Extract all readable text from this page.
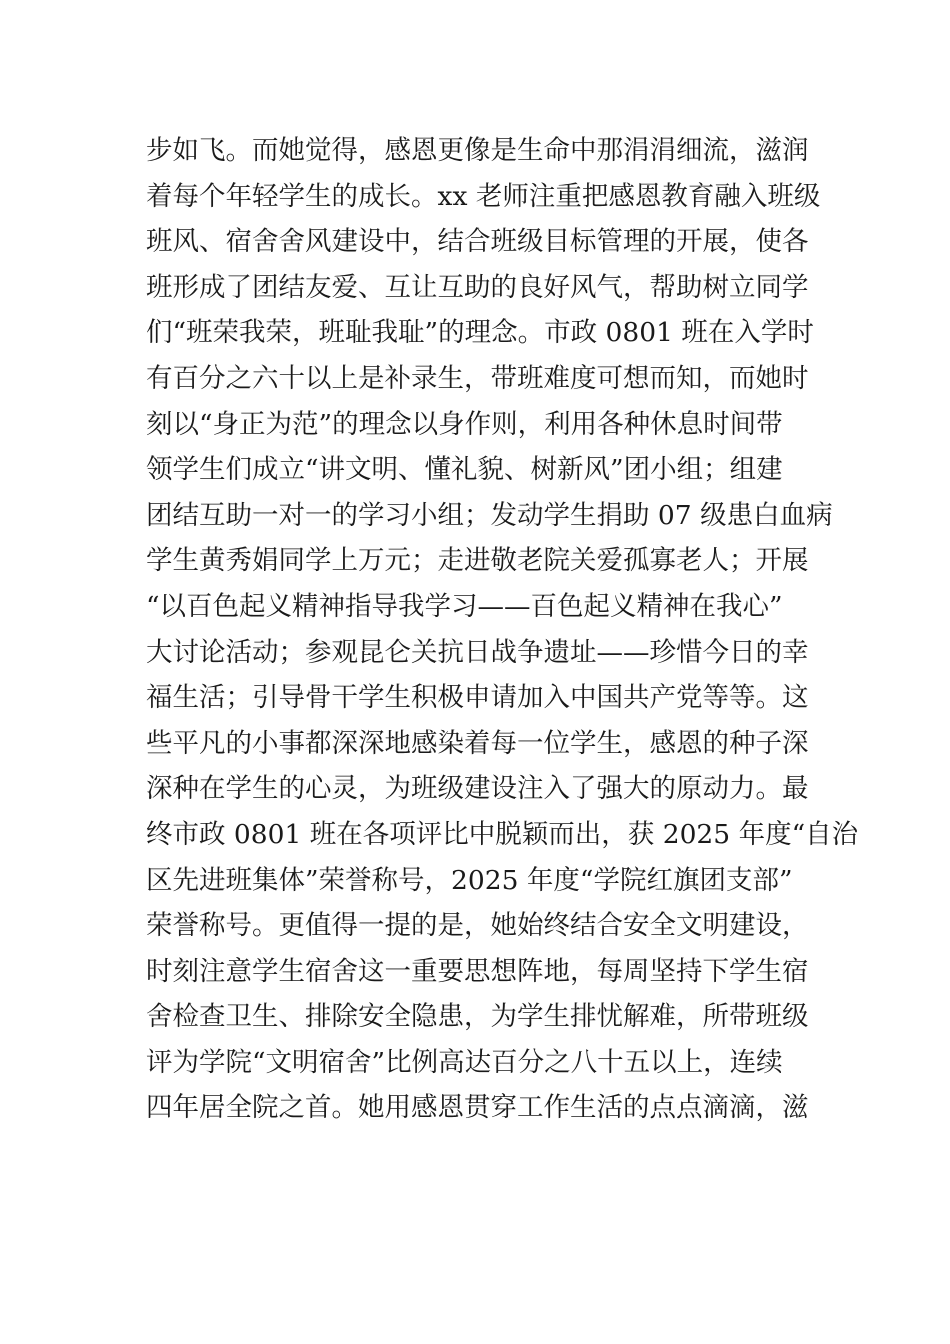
步如飞。而她觉得，感恩更像是生命中那涓涓细流，滋润
着每个年轻学生的成长。xx 老师注重把感恩教育融入班级
班风、宿舍舍风建设中，结合班级目标管理的开展，使各
班形成了团结友爱、互让互助的良好风气，帮助树立同学
们“班荣我荣，班耻我耻”的理念。市政 0801 班在入学时
有百分之六十以上是补录生，带班难度可想而知，而她时
刻以“身正为范”的理念以身作则，利用各种休息时间带
领学生们成立“讲文明、懂礼貌、树新风”团小组；组建
团结互助一对一的学习小组；发动学生捐助 07 级患白血病
学生黄秀娟同学上万元；走进敬老院关爱孤寡老人；开展
“以百色起义精神指导我学习——百色起义精神在我心”
大讨论活动；参观昆仑关抗日战争遗址——珍惜今日的幸
福生活；引导骨干学生积极申请加入中国共产党等等。这
些平凡的小事都深深地感染着每一位学生，感恩的种子深
深种在学生的心灵，为班级建设注入了强大的原动力。最
终市政 0801 班在各项评比中脱颖而出，获 2025 年度“自治
区先进班集体”荣誉称号，2025 年度“学院红旗团支部”
荣誉称号。更值得一提的是，她始终结合安全文明建设，
时刻注意学生宿舍这一重要思想阵地，每周坚持下学生宿
舍检查卫生、排除安全隐患，为学生排忧解难，所带班级
评为学院“文明宿舍”比例高达百分之八十五以上，连续
四年居全院之首。她用感恩贯穿工作生活的点点滴滴，滋
